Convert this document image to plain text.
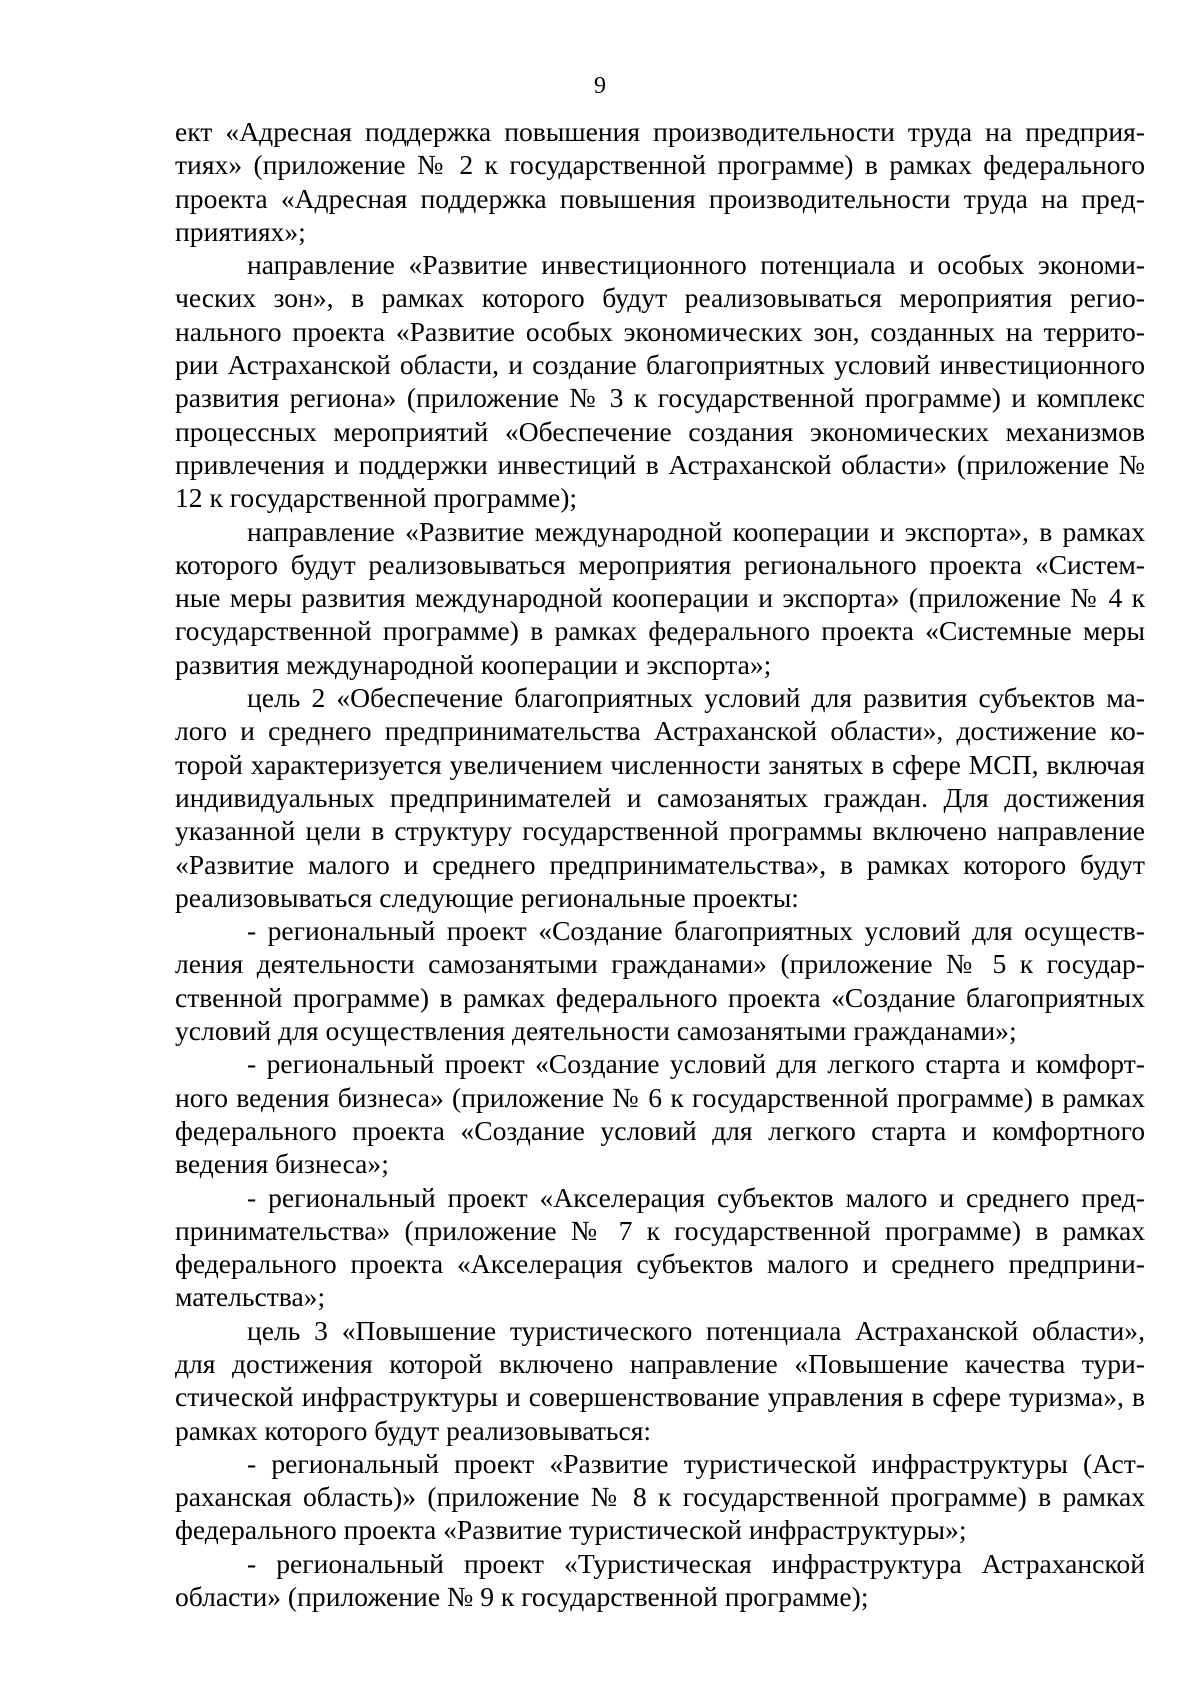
9

ект «Адресная поддержка повышения производительности труда на предприятиях» (приложение № 2 к государственной программе) в рамках федерального проекта «Адресная поддержка повышения производительности труда на предприятиях»;

направление «Развитие инвестиционного потенциала и особых экономических зон», в рамках которого будут реализовываться мероприятия регионального проекта «Развитие особых экономических зон, созданных на территории Астраханской области, и создание благоприятных условий инвестиционного развития региона» (приложение № 3 к государственной программе) и комплекс процессных мероприятий «Обеспечение создания экономических механизмов привлечения и поддержки инвестиций в Астраханской области» (приложение № 12 к государственной программе);

направление «Развитие международной кооперации и экспорта», в рамках которого будут реализовываться мероприятия регионального проекта «Системные меры развития международной кооперации и экспорта» (приложение № 4 к государственной программе) в рамках федерального проекта «Системные меры развития международной кооперации и экспорта»;

цель 2 «Обеспечение благоприятных условий для развития субъектов малого и среднего предпринимательства Астраханской области», достижение которой характеризуется увеличением численности занятых в сфере МСП, включая индивидуальных предпринимателей и самозанятых граждан. Для достижения указанной цели в структуру государственной программы включено направление «Развитие малого и среднего предпринимательства», в рамках которого будут реализовываться следующие региональные проекты:

- региональный проект «Создание благоприятных условий для осуществления деятельности самозанятыми гражданами» (приложение № 5 к государственной программе) в рамках федерального проекта «Создание благоприятных условий для осуществления деятельности самозанятыми гражданами»;

- региональный проект «Создание условий для легкого старта и комфортного ведения бизнеса» (приложение № 6 к государственной программе) в рамках федерального проекта «Создание условий для легкого старта и комфортного ведения бизнеса»;

- региональный проект «Акселерация субъектов малого и среднего предпринимательства» (приложение № 7 к государственной программе) в рамках федерального проекта «Акселерация субъектов малого и среднего предпринимательства»;

цель 3 «Повышение туристического потенциала Астраханской области», для достижения которой включено направление «Повышение качества туристической инфраструктуры и совершенствование управления в сфере туризма», в рамках которого будут реализовываться:

- региональный проект «Развитие туристической инфраструктуры (Астраханская область)» (приложение № 8 к государственной программе) в рамках федерального проекта «Развитие туристической инфраструктуры»;

- региональный проект «Туристическая инфраструктура Астраханской области» (приложение № 9 к государственной программе);
